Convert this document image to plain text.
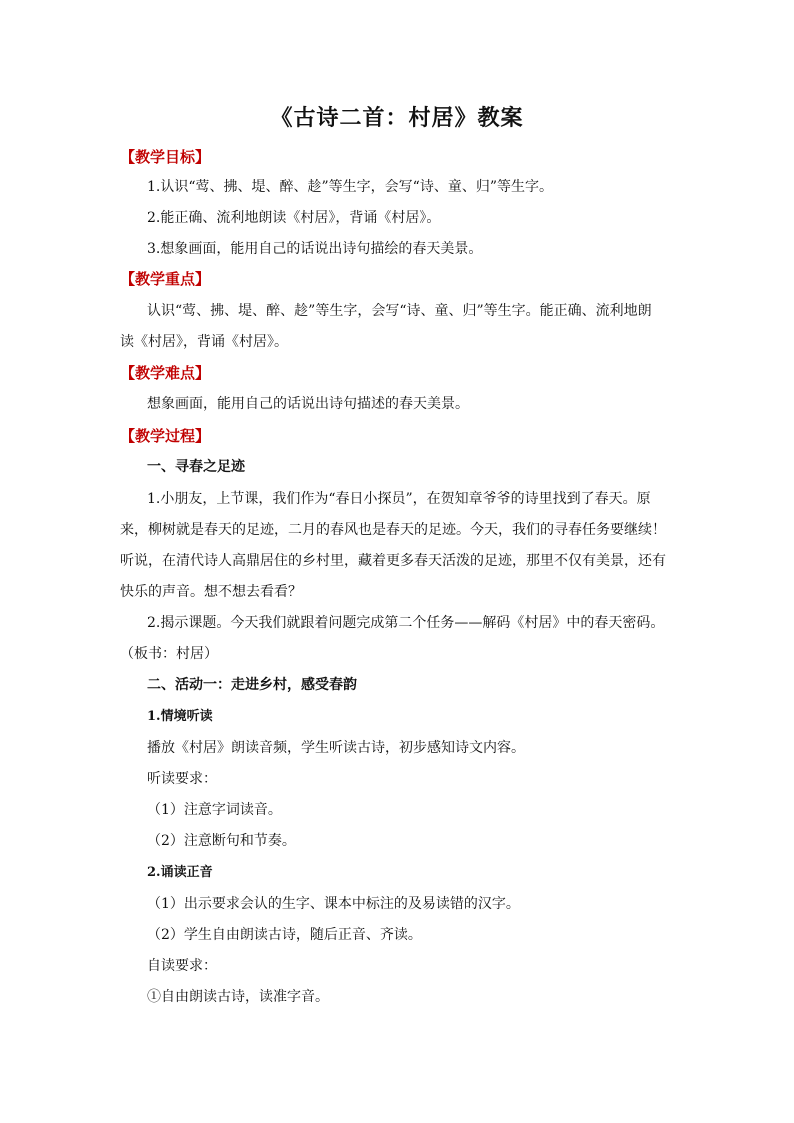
《古诗二首：村居》教案
【教学目标】
1.认识“莺、拂、堤、醉、趁”等生字，会写“诗、童、归”等生字。
2.能正确、流利地朗读《村居》，背诵《村居》。
3.想象画面，能用自己的话说出诗句描绘的春天美景。
【教学重点】
认识“莺、拂、堤、醉、趁”等生字，会写“诗、童、归”等生字。能正确、流利地朗
读《村居》，背诵《村居》。
【教学难点】
想象画面，能用自己的话说出诗句描述的春天美景。
【教学过程】
一、寻春之足迹
1.小朋友，上节课，我们作为“春日小探员”，在贺知章爷爷的诗里找到了春天。原
来，柳树就是春天的足迹，二月的春风也是春天的足迹。今天，我们的寻春任务要继续！
听说，在清代诗人高鼎居住的乡村里，藏着更多春天活泼的足迹，那里不仅有美景，还有
快乐的声音。想不想去看看？
2.揭示课题。今天我们就跟着问题完成第二个任务——解码《村居》中的春天密码。
（板书：村居）
二、活动一：走进乡村，感受春韵
1.情境听读
播放《村居》朗读音频，学生听读古诗，初步感知诗文内容。
听读要求：
（1）注意字词读音。
（2）注意断句和节奏。
2.诵读正音
（1）出示要求会认的生字、课本中标注的及易读错的汉字。
（2）学生自由朗读古诗，随后正音、齐读。
自读要求：
①自由朗读古诗，读准字音。
